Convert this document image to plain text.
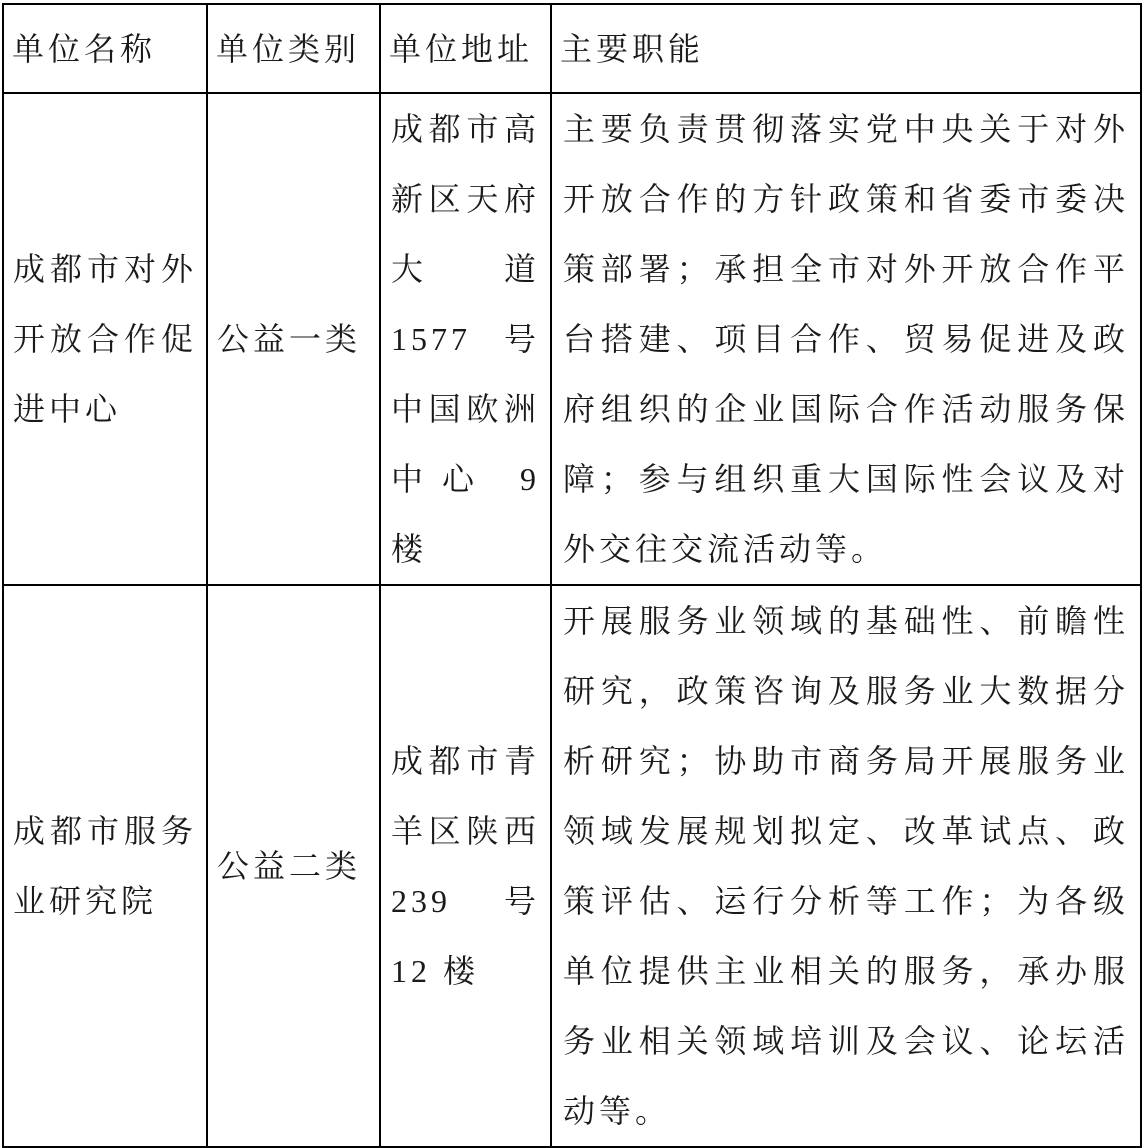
单位名称	单位类别	单位地址	主要职能
成都市对外开放合作促进中心	公益一类	成都市高新区天府大道 1577 号中国欧洲中心 9 楼	主要负责贯彻落实党中央关于对外开放合作的方针政策和省委市委决策部署；承担全市对外开放合作平台搭建、项目合作、贸易促进及政府组织的企业国际合作活动服务保障；参与组织重大国际性会议及对外交往交流活动等。
成都市服务业研究院	公益二类	成都市青羊区陕西 239 号 12 楼	开展服务业领域的基础性、前瞻性研究，政策咨询及服务业大数据分析研究；协助市商务局开展服务业领域发展规划拟定、改革试点、政策评估、运行分析等工作；为各级单位提供主业相关的服务，承办服务业相关领域培训及会议、论坛活动等。
